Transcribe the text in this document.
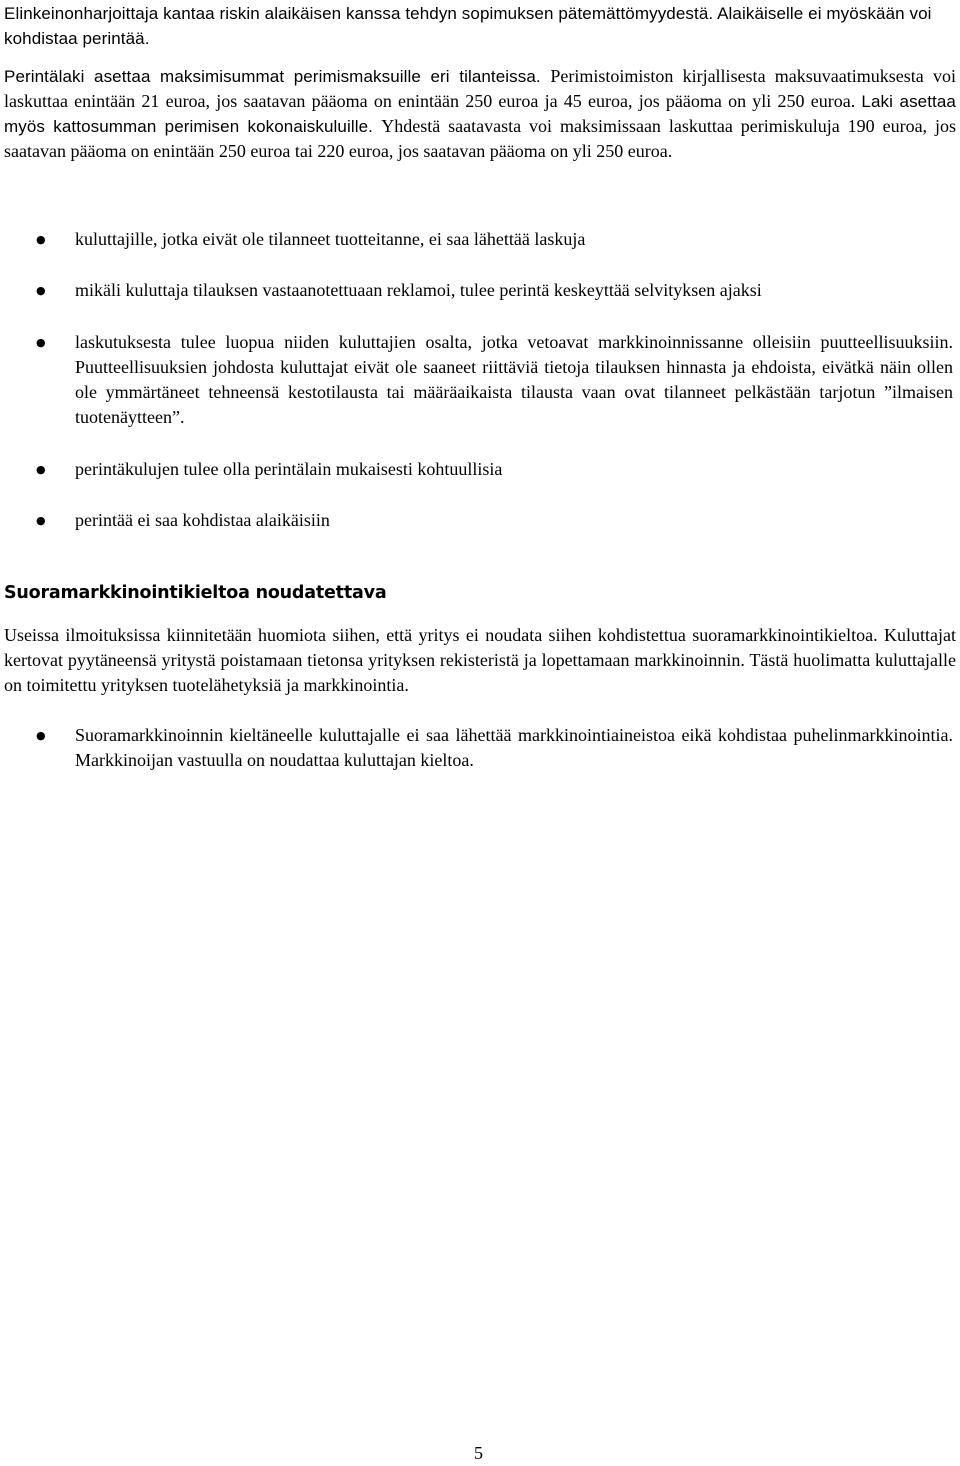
Elinkeinonharjoittaja kantaa riskin alaikäisen kanssa tehdyn sopimuksen pätemättömyydestä. Alaikäiselle ei myöskään voi kohdistaa perintää.

Perintälaki asettaa maksimisummat perimismaksuille eri tilanteissa. Perimistoimiston kirjallisesta maksuvaatimuksesta voi laskuttaa enintään 21 euroa, jos saatavan pääoma on enintään 250 euroa ja 45 euroa, jos pääoma on yli 250 euroa. Laki asettaa myös kattosumman perimisen kokonaiskuluille. Yhdestä saatavasta voi maksimissaan laskuttaa perimiskuluja 190 euroa, jos saatavan pääoma on enintään 250 euroa tai 220 euroa, jos saatavan pääoma on yli 250 euroa.

●	kuluttajille, jotka eivät ole tilanneet tuotteitanne, ei saa lähettää laskuja

●	mikäli kuluttaja tilauksen vastaanotettuaan reklamoi, tulee perintä keskeyttää selvityksen ajaksi

●	laskutuksesta tulee luopua niiden kuluttajien osalta, jotka vetoavat markkinoinnissanne olleisiin puutteellisuuksiin. Puutteellisuuksien johdosta kuluttajat eivät ole saaneet riittäviä tietoja tilauksen hinnasta ja ehdoista, eivätkä näin ollen ole ymmärtäneet tehneensä kestotilausta tai määräaikaista tilausta vaan ovat tilanneet pelkästään tarjotun ”ilmaisen tuotenäytteen”.

●	perintäkulujen tulee olla perintälain mukaisesti kohtuullisia

●	perintää ei saa kohdistaa alaikäisiin

Suoramarkkinointikieltoa noudatettava

Useissa ilmoituksissa kiinnitetään huomiota siihen, että yritys ei noudata siihen kohdistettua suoramarkkinointikieltoa. Kuluttajat kertovat pyytäneensä yritystä poistamaan tietonsa yrityksen rekisteristä ja lopettamaan markkinoinnin. Tästä huolimatta kuluttajalle on toimitettu yrityksen tuotelähetyksiä ja markkinointia.

●	Suoramarkkinoinnin kieltäneelle kuluttajalle ei saa lähettää markkinointiaineistoa eikä kohdistaa puhelinmarkkinointia. Markkinoijan vastuulla on noudattaa kuluttajan kieltoa.

5
